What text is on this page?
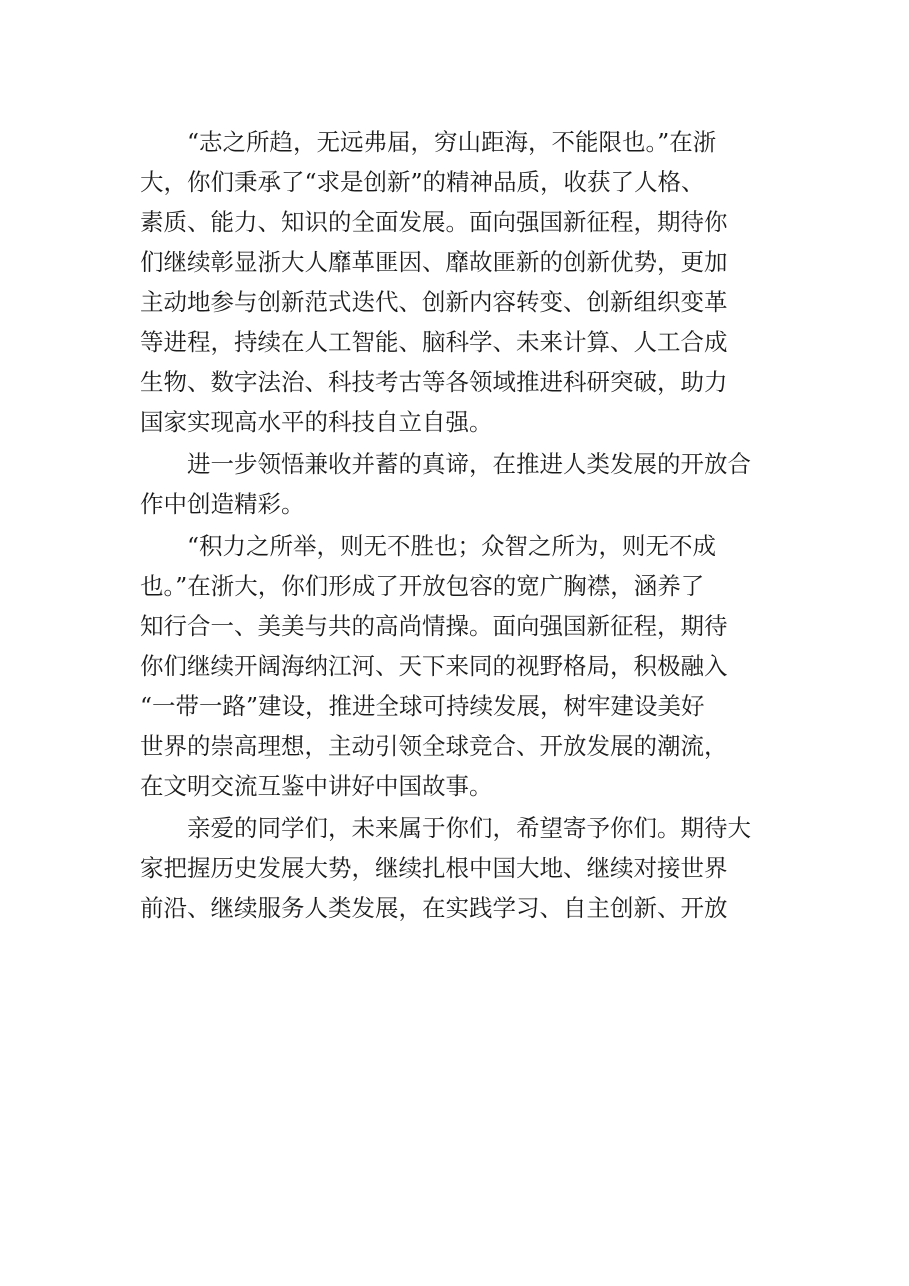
“志之所趋，无远弗届，穷山距海，不能限也。”在浙
大，你们秉承了“求是创新”的精神品质，收获了人格、
素质、能力、知识的全面发展。面向强国新征程，期待你
们继续彰显浙大人靡革匪因、靡故匪新的创新优势，更加
主动地参与创新范式迭代、创新内容转变、创新组织变革
等进程，持续在人工智能、脑科学、未来计算、人工合成
生物、数字法治、科技考古等各领域推进科研突破，助力
国家实现高水平的科技自立自强。
进一步领悟兼收并蓄的真谛，在推进人类发展的开放合
作中创造精彩。
“积力之所举，则无不胜也；众智之所为，则无不成
也。”在浙大，你们形成了开放包容的宽广胸襟，涵养了
知行合一、美美与共的高尚情操。面向强国新征程，期待
你们继续开阔海纳江河、天下来同的视野格局，积极融入
“一带一路”建设，推进全球可持续发展，树牢建设美好
世界的崇高理想，主动引领全球竞合、开放发展的潮流，
在文明交流互鉴中讲好中国故事。
亲爱的同学们，未来属于你们，希望寄予你们。期待大
家把握历史发展大势，继续扎根中国大地、继续对接世界
前沿、继续服务人类发展，在实践学习、自主创新、开放
